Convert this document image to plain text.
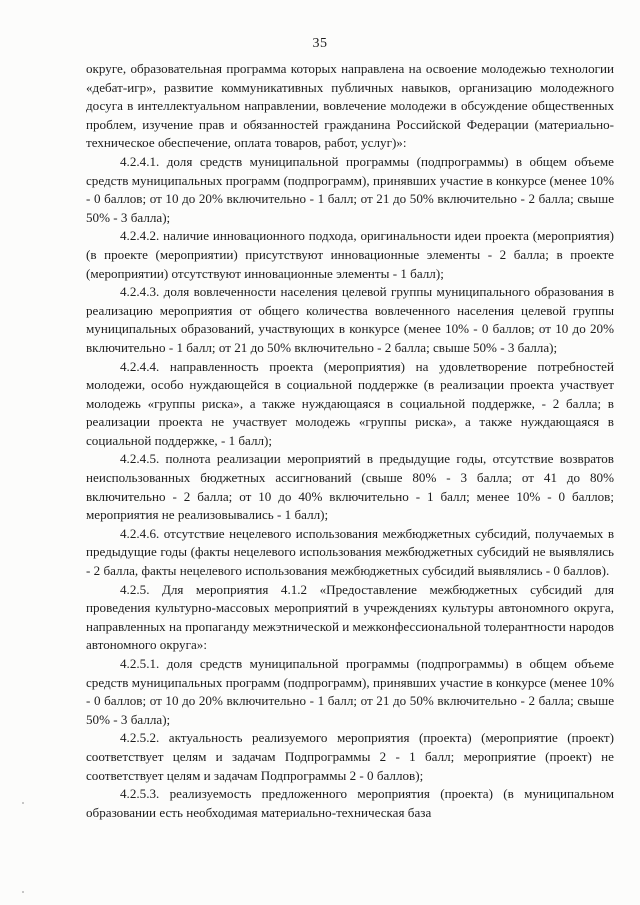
35

округе, образовательная программа которых направлена на освоение молодежью технологии «дебат-игр», развитие коммуникативных публичных навыков, организацию молодежного досуга в интеллектуальном направлении, вовлечение молодежи в обсуждение общественных проблем, изучение прав и обязанностей гражданина Российской Федерации (материально-техническое обеспечение, оплата товаров, работ, услуг)»:

4.2.4.1. доля средств муниципальной программы (подпрограммы) в общем объеме средств муниципальных программ (подпрограмм), принявших участие в конкурсе (менее 10% - 0 баллов; от 10 до 20% включительно - 1 балл; от 21 до 50% включительно - 2 балла; свыше 50% - 3 балла);

4.2.4.2. наличие инновационного подхода, оригинальности идеи проекта (мероприятия) (в проекте (мероприятии) присутствуют инновационные элементы - 2 балла; в проекте (мероприятии) отсутствуют инновационные элементы - 1 балл);

4.2.4.3. доля вовлеченности населения целевой группы муниципального образования в реализацию мероприятия от общего количества вовлеченного населения целевой группы муниципальных образований, участвующих в конкурсе (менее 10% - 0 баллов; от 10 до 20% включительно - 1 балл; от 21 до 50% включительно - 2 балла; свыше 50% - 3 балла);

4.2.4.4. направленность проекта (мероприятия) на удовлетворение потребностей молодежи, особо нуждающейся в социальной поддержке (в реализации проекта участвует молодежь «группы риска», а также нуждающаяся в социальной поддержке, - 2 балла; в реализации проекта не участвует молодежь «группы риска», а также нуждающаяся в социальной поддержке, - 1 балл);

4.2.4.5. полнота реализации мероприятий в предыдущие годы, отсутствие возвратов неиспользованных бюджетных ассигнований (свыше 80% - 3 балла; от 41 до 80% включительно - 2 балла; от 10 до 40% включительно - 1 балл; менее 10% - 0 баллов; мероприятия не реализовывались - 1 балл);

4.2.4.6. отсутствие нецелевого использования межбюджетных субсидий, получаемых в предыдущие годы (факты нецелевого использования межбюджетных субсидий не выявлялись - 2 балла, факты нецелевого использования межбюджетных субсидий выявлялись - 0 баллов).

4.2.5. Для мероприятия 4.1.2 «Предоставление межбюджетных субсидий для проведения культурно-массовых мероприятий в учреждениях культуры автономного округа, направленных на пропаганду межэтнической и межконфессиональной толерантности народов автономного округа»:

4.2.5.1. доля средств муниципальной программы (подпрограммы) в общем объеме средств муниципальных программ (подпрограмм), принявших участие в конкурсе (менее 10% - 0 баллов; от 10 до 20% включительно - 1 балл; от 21 до 50% включительно - 2 балла; свыше 50% - 3 балла);

4.2.5.2. актуальность реализуемого мероприятия (проекта) (мероприятие (проект) соответствует целям и задачам Подпрограммы 2 - 1 балл; мероприятие (проект) не соответствует целям и задачам Подпрограммы 2 - 0 баллов);

4.2.5.3. реализуемость предложенного мероприятия (проекта) (в муниципальном образовании есть необходимая материально-техническая база
